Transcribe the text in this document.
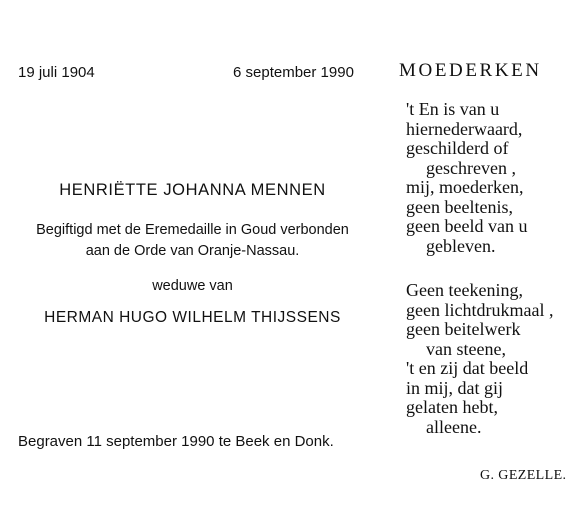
19 juli 1904	6 september 1990
HENRIËTTE JOHANNA MENNEN
Begiftigd met de Eremedaille in Goud verbonden
aan de Orde van Oranje-Nassau.
weduwe van
HERMAN HUGO WILHELM THIJSSENS
Begraven 11 september 1990 te Beek en Donk.
MOEDERKEN
't En is van u
hiernederwaard,
geschilderd of
geschreven ,
mij, moederken,
geen beeltenis,
geen beeld van u
gebleven.
Geen teekening,
geen lichtdrukmaal ,
geen beitelwerk
van steene,
't en zij dat beeld
in mij, dat gij
gelaten hebt,
alleene.
G. GEZELLE.
